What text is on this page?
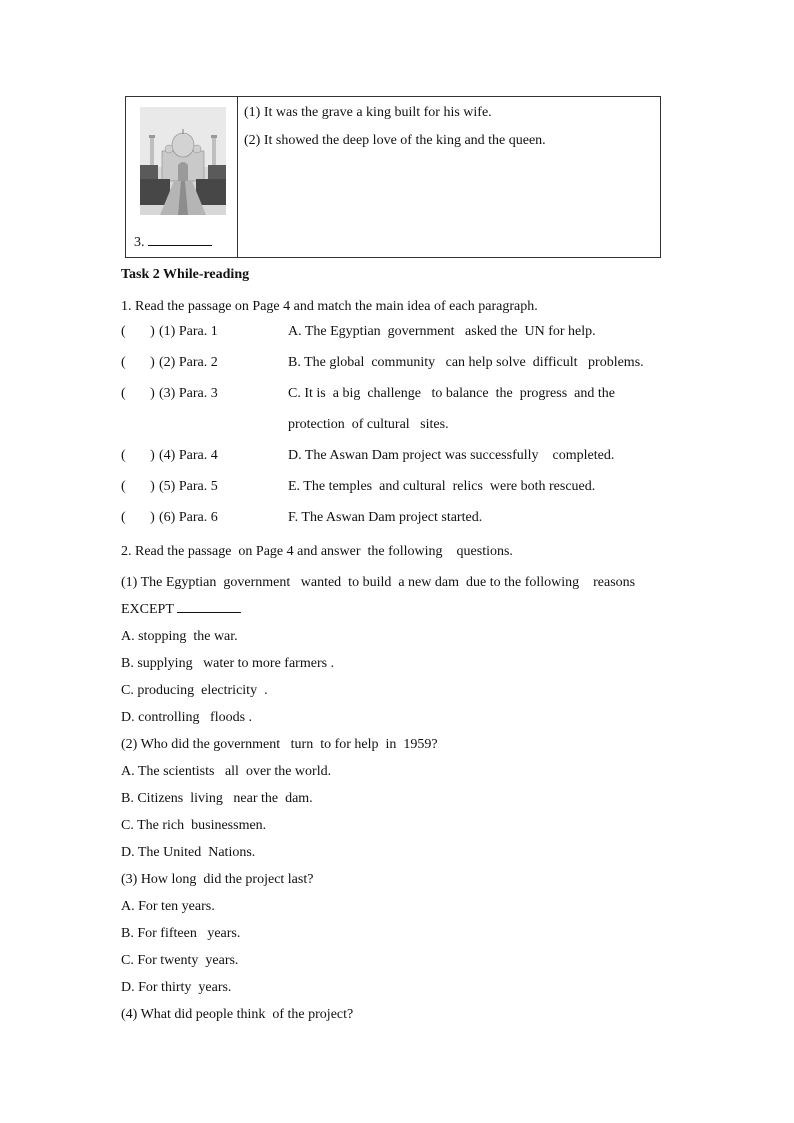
3.

(1) It was the grave a king built for his wife.

(2) It showed the deep love of the king and the queen.

Task 2 While-reading

1. Read the passage on Page 4 and match the main idea of each paragraph.

(       ) (1) Para. 1	A. The Egyptian  government   asked the  UN for help.
(       ) (2) Para. 2	B. The global  community   can help solve  difficult   problems.
(       ) (3) Para. 3	C. It is  a big  challenge   to balance  the  progress  and the
protection  of cultural   sites.
(       ) (4) Para. 4	D. The Aswan Dam project was successfully    completed.
(       ) (5) Para. 5	E. The temples  and cultural  relics  were both rescued.
(       ) (6) Para. 6	F. The Aswan Dam project started.

2. Read the passage  on Page 4 and answer  the following    questions.

(1) The Egyptian  government   wanted  to build  a new dam  due to the following    reasons

EXCEPT

A. stopping  the war.

B. supplying   water to more farmers .

C. producing  electricity  .

D. controlling   floods .

(2) Who did the government   turn  to for help  in  1959?

A. The scientists   all  over the world.

B. Citizens  living   near the  dam.

C. The rich  businessmen.

D. The United  Nations.

(3) How long  did the project last?

A. For ten years.

B. For fifteen   years.

C. For twenty  years.

D. For thirty  years.

(4) What did people think  of the project?
